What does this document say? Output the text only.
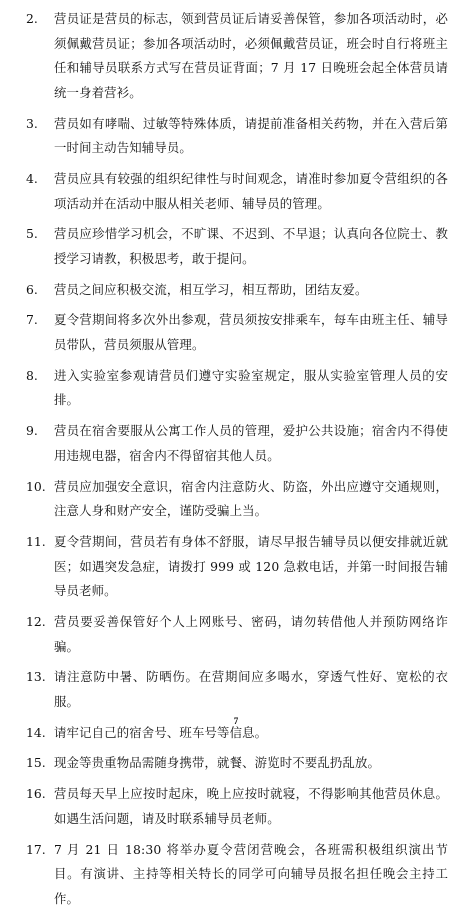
2.	营员证是营员的标志，领到营员证后请妥善保管，参加各项活动时，必须佩戴营员证；参加各项活动时，必须佩戴营员证，班会时自行将班主任和辅导员联系方式写在营员证背面；7 月 17 日晚班会起全体营员请统一身着营衫。
3.	营员如有哮喘、过敏等特殊体质，请提前准备相关药物，并在入营后第一时间主动告知辅导员。
4.	营员应具有较强的组织纪律性与时间观念，请准时参加夏令营组织的各项活动并在活动中服从相关老师、辅导员的管理。
5.	营员应珍惜学习机会，不旷课、不迟到、不早退；认真向各位院士、教授学习请教，积极思考，敢于提问。
6.	营员之间应积极交流，相互学习，相互帮助，团结友爱。
7.	夏令营期间将多次外出参观，营员须按安排乘车，每车由班主任、辅导员带队，营员须服从管理。
8.	进入实验室参观请营员们遵守实验室规定，服从实验室管理人员的安排。
9.	营员在宿舍要服从公寓工作人员的管理，爱护公共设施；宿舍内不得使用违规电器，宿舍内不得留宿其他人员。
10. 营员应加强安全意识，宿舍内注意防火、防盗，外出应遵守交通规则，注意人身和财产安全，谨防受骗上当。
11. 夏令营期间，营员若有身体不舒服，请尽早报告辅导员以便安排就近就医；如遇突发急症，请拨打 999 或 120 急救电话，并第一时间报告辅导员老师。
12. 营员要妥善保管好个人上网账号、密码，请勿转借他人并预防网络诈骗。
13. 请注意防中暑、防晒伤。在营期间应多喝水，穿透气性好、宽松的衣服。
14. 请牢记自己的宿舍号、班车号等信息。
15. 现金等贵重物品需随身携带，就餐、游览时不要乱扔乱放。
16. 营员每天早上应按时起床，晚上应按时就寝，不得影响其他营员休息。如遇生活问题，请及时联系辅导员老师。
17. 7 月 21 日 18:30 将举办夏令营闭营晚会，各班需积极组织演出节目。有演讲、主持等相关特长的同学可向辅导员报名担任晚会主持工作。
7
